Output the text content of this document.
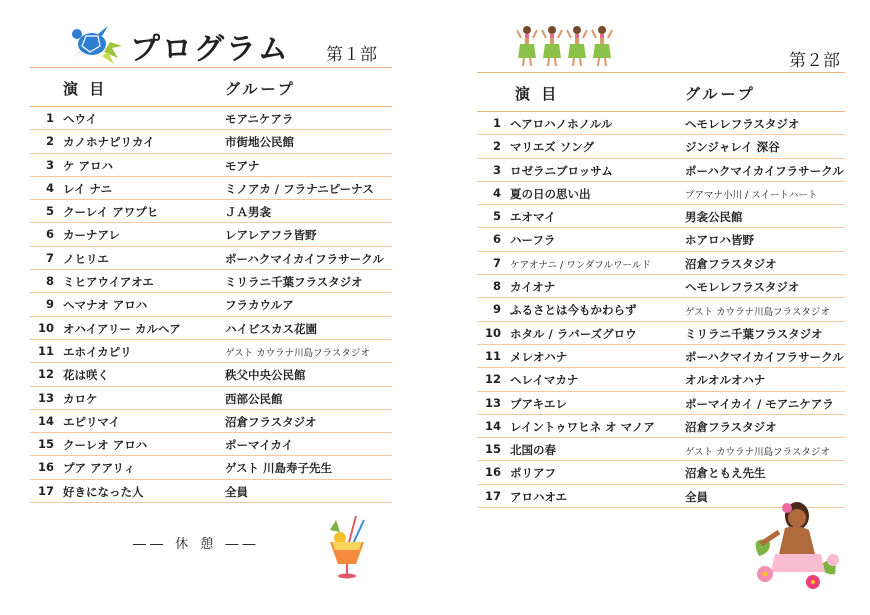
プログラム 第１部
演 目	グループ
1 ヘウイ	モアニケアラ
2 カノホナピリカイ	市街地公民館
3 ケ アロハ	モアナ
4 レイ ナニ	ミノアカ / フラナニピーナス
5 クーレイ アワプヒ	ＪＡ男衾
6 カーナアレ	レアレアフラ皆野
7 ノヒリエ	ポーハクマイカイフラサークル
8 ミヒアウイアオエ	ミリラニ千葉フラスタジオ
9 ヘマナオ アロハ	フラカウルア
10 オハイアリー カルヘア	ハイビスカス花園
11 エホイカピリ	ゲスト カウラナ川島フラスタジオ
12 花は咲く	秩父中央公民館
13 カロケ	西部公民館
14 エピリマイ	沼倉フラスタジオ
15 クーレオ アロハ	ポーマイカイ
16 プア アアリィ	ゲスト 川島寿子先生
17 好きになった人	全員
―― 休 憩 ――
第２部
演 目	グループ
1 ヘアロハノホノルル	ヘモレレフラスタジオ
2 マリエズ ソング	ジンジャレイ 深谷
3 ロゼラニブロッサム	ポーハクマイカイフラサークル
4 夏の日の思い出	プアマナ小川 / スイートハート
5 エオマイ	男衾公民館
6 ハーフラ	ホアロハ皆野
7 ケアオナニ / ワンダフルワールド	沼倉フラスタジオ
8 カイオナ	ヘモレレフラスタジオ
9 ふるさとは今もかわらず	ゲスト カウラナ川島フラスタジオ
10 ホタル / ラバーズグロウ	ミリラニ千葉フラスタジオ
11 メレオハナ	ポーハクマイカイフラサークル
12 ヘレイマカナ	オルオルオハナ
13 プアキエレ	ポーマイカイ / モアニケアラ
14 レイントゥワヒネ オ マノア	沼倉フラスタジオ
15 北国の春	ゲスト カウラナ川島フラスタジオ
16 ポリアフ	沼倉ともえ先生
17 アロハオエ	全員
